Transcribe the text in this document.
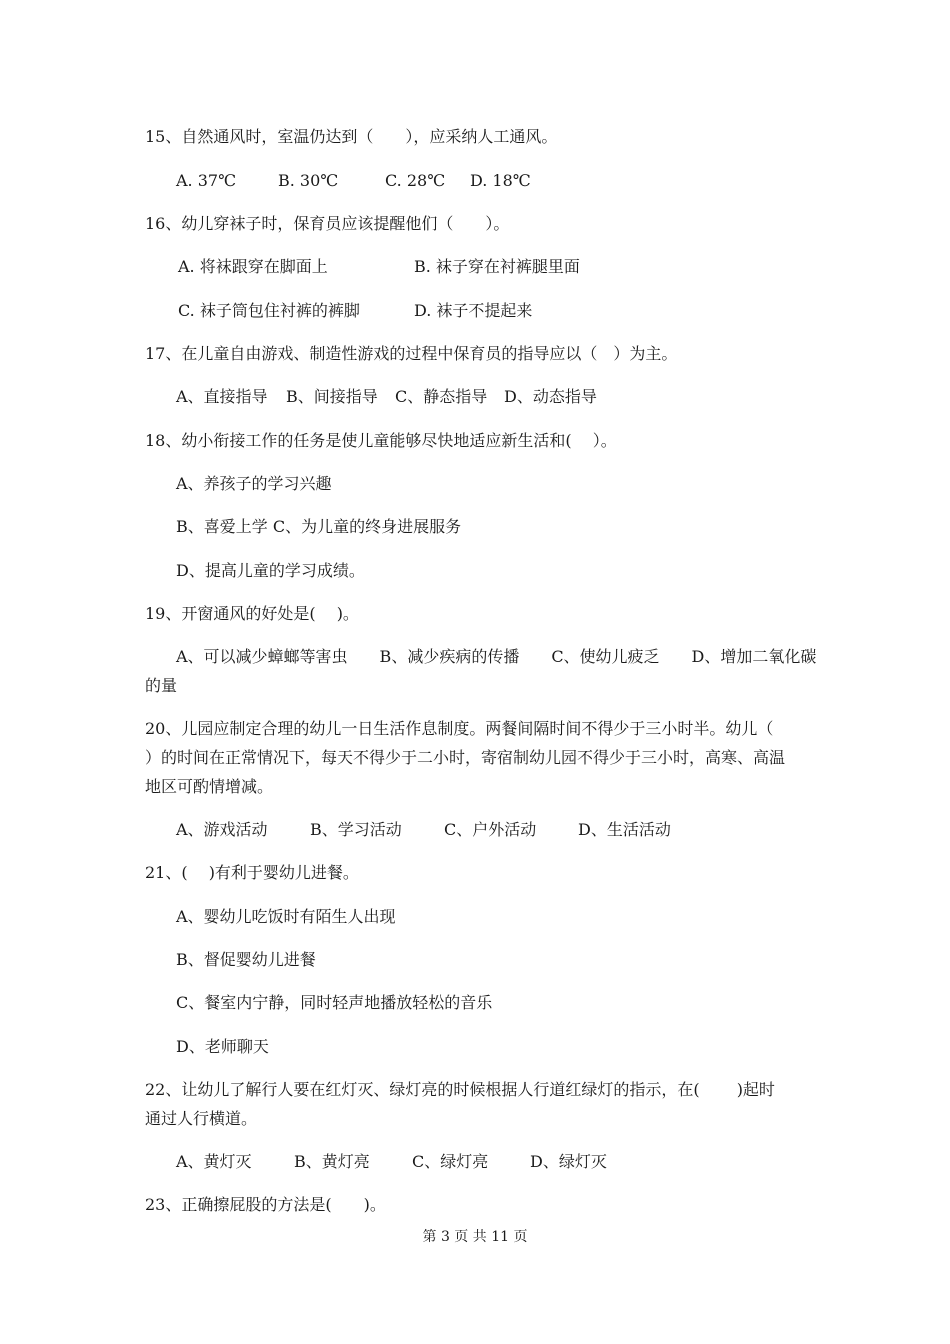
15、自然通风时，室温仍达到（　　），应采纳人工通风。
A. 37℃	B. 30℃	C. 28℃ D. 18℃
16、幼儿穿袜子时，保育员应该提醒他们（　　）。
A. 将袜跟穿在脚面上	B. 袜子穿在衬裤腿里面
C. 袜子筒包住衬裤的裤脚	D. 袜子不提起来
17、在儿童自由游戏、制造性游戏的过程中保育员的指导应以（　）为主。
A、直接指导 B、间接指导 C、静态指导 D、动态指导
18、幼小衔接工作的任务是使儿童能够尽快地适应新生活和(　 ）。
A、养孩子的学习兴趣
B、喜爱上学 C、为儿童的终身进展服务
D、提高儿童的学习成绩。
19、开窗通风的好处是(　 )。
A、可以减少蟑螂等害虫　　B、减少疾病的传播　　C、使幼儿疲乏　　D、增加二氧化碳
的量
20、儿园应制定合理的幼儿一日生活作息制度。两餐间隔时间不得少于三小时半。幼儿（
）的时间在正常情况下，每天不得少于二小时，寄宿制幼儿园不得少于三小时，高寒、高温
地区可酌情增减。
A、游戏活动	B、学习活动	C、户外活动	D、生活活动
21、(　 )有利于婴幼儿进餐。
A、婴幼儿吃饭时有陌生人出现
B、督促婴幼儿进餐
C、餐室内宁静，同时轻声地播放轻松的音乐
D、老师聊天
22、让幼儿了解行人要在红灯灭、绿灯亮的时候根据人行道红绿灯的指示，在(　　 )起时
通过人行横道。
A、黄灯灭	B、黄灯亮	C、绿灯亮	D、绿灯灭
23、正确擦屁股的方法是(　　)。
第 3 页 共 11 页
